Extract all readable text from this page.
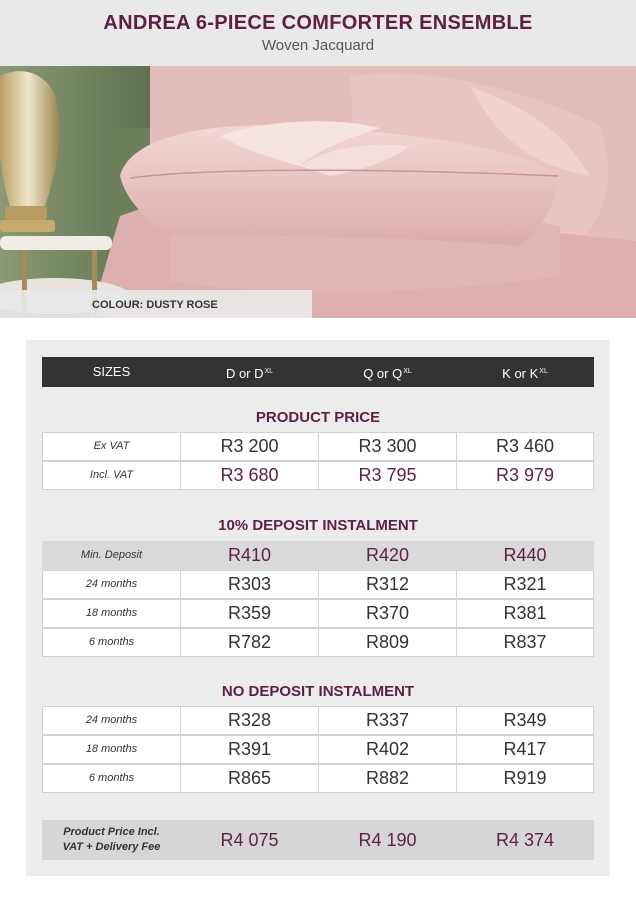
ANDREA 6-PIECE COMFORTER ENSEMBLE
Woven Jacquard
COLOUR: DUSTY ROSE
SIZES	D or $D^{XL}$	Q or $Q^{XL}$	K or $K^{XL}$
PRODUCT PRICE
Ex VAT	R3 200	R3 300	R3 460
Incl. VAT	R3 680	R3 795	R3 979
10% DEPOSIT INSTALMENT
Min. Deposit	R410	R420	R440
24 months	R303	R312	R321
18 months	R359	R370	R381
6 months	R782	R809	R837
NO DEPOSIT INSTALMENT
24 months	R328	R337	R349
18 months	R391	R402	R417
6 months	R865	R882	R919
Product Price Incl.
VAT + Delivery Fee	R4 075	R4 190	R4 374
